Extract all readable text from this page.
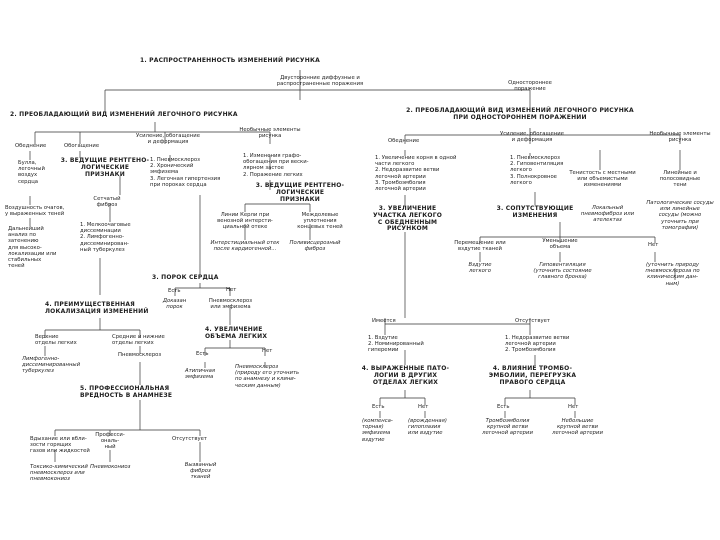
1. РАСПРОСТРАНЕННОСТЬ ИЗМЕНЕНИЙ РИСУНКА
Двусторонние диффузные и
распространенные поражения	Одностороннее
поражение
2. ПРЕОБЛАДАЮЩИЙ ВИД ИЗМЕНЕНИЙ ЛЕГОЧНОГО РИСУНКА
Обеднение	Обогащение
Усиление, обогащение
и деформация
Необычные элементы
рисунка
Булла,
легочный
воздух
сердца
3. ВЕДУЩИЕ РЕНТГЕНО-
ЛОГИЧЕСКИЕ ПРИЗНАКИ
1. Пневмосклероз
2. Хронический
эмфизема
3. Легочная гипертензия
при пороках сердца
1. Изменения графо-
обогащения при вески-
лярном застое
2. Поражение легких
Воздушность очагов,
у выраженных теней
Сетчатый
фиброз
Дальнейший
анализ по
затенению
для высоко-
локализации или
стабильных
теней
1. Мелкоочаговые
диссеминации
2. Лимфогенно-
диссеминирован-
ный туберкулез
3. ВЕДУЩИЕ РЕНТГЕНО-
ЛОГИЧЕСКИЕ ПРИЗНАКИ
Линии Керли при
венозной интерсти-
циальной отеке
Междолевые
уплотнения
концевых теней
Интерстициальный отек
после кардиогенной...
Поливисцерозный
фиброз
3. ПОРОК СЕРДЦА
Есть	Нет
Доказан
порок
Пневмосклероз
или эмфизема
4. ПРЕИМУЩЕСТВЕННАЯ
ЛОКАЛИЗАЦИЯ ИЗМЕНЕНИЙ
Верхние
отделы легких
Средние и нижние
отделы легких
Лимфогенно-
диссеминированный
туберкулез
Пневмосклероз
4. УВЕЛИЧЕНИЕ
ОБЪЕМА ЛЕГКИХ
Есть	Нет
Атипичная
эмфизема
Пневмосклероз
(природу его уточнить
по анамнезу и клини-
ческим данным)
5. ПРОФЕССИОНАЛЬНАЯ
ВРЕДНОСТЬ В АНАМНЕЗЕ
Вдыхание или вбли-
зости горящих
газов или жидкостей
Професси-
ональ-
ный
Отсутствует
Токсико-химический
пневмосклероз или
пневмокониоз
Пневмокониоз	Вызванный
фиброз
тканей
2. ПРЕОБЛАДАЮЩИЙ ВИД ИЗМЕНЕНИЙ ЛЕГОЧНОГО РИСУНКА
ПРИ ОДНОСТОРОННЕМ ПОРАЖЕНИИ
Обеднение
Усиление, обогащение
и деформация
Необычные элементы
рисунка
1. Увеличение корня в одной
части легкого
2. Недоразвитие ветви
легочной артерии
3. Тромбоэмболия
легочной артерии
1. Пневмосклероз
2. Гиповентиляция
легкого
3. Полнокровное
легкого
Тенистость с местными
или объемистыми
изменениями
Линейные и
полосовидные
тени
3. УВЕЛИЧЕНИЕ
УЧАСТКА ЛЕГКОГО
С ОБЕДНЕННЫМ
РИСУНКОМ
3. СОПУТСТВУЮЩИЕ
ИЗМЕНЕНИЯ
Локальный
пневмофиброз или
ателектаз
Патологические сосуды
или линейные
сосуды (можно
уточнить при
томографии)
Перемещение или
вздутие тканей
Уменьшение
объема	Нет
Вздутие
легкого
Гиповентиляция
(уточнить состояние
главного бронха)
(уточнить природу
пневмосклероза по
клиническим дан-
ным)
Имеется	Отсутствует
1. Вздутие
2. Номинированный
гиперемии
1. Недоразвитие ветви
легочной артерии
2. Тромбоэмболия
4. ВЫРАЖЕННЫЕ ПАТО-
ЛОГИИ В ДРУГИХ
ОТДЕЛАХ ЛЕГКИХ
4. ВЛИЯНИЕ ТРОМБО-
ЭМБОЛИИ, ПЕРЕГРУЗКА
ПРАВОГО СЕРДЦА
Есть	Нет	Есть	Нет
(компенса-
торная)
эмфизема
вздутие
(врожденная)
гипоплазия
или вздутие
Тромбоэмболия
крупной ветви
легочной артерии
Небольшие
крупной ветви
легочной артерии
